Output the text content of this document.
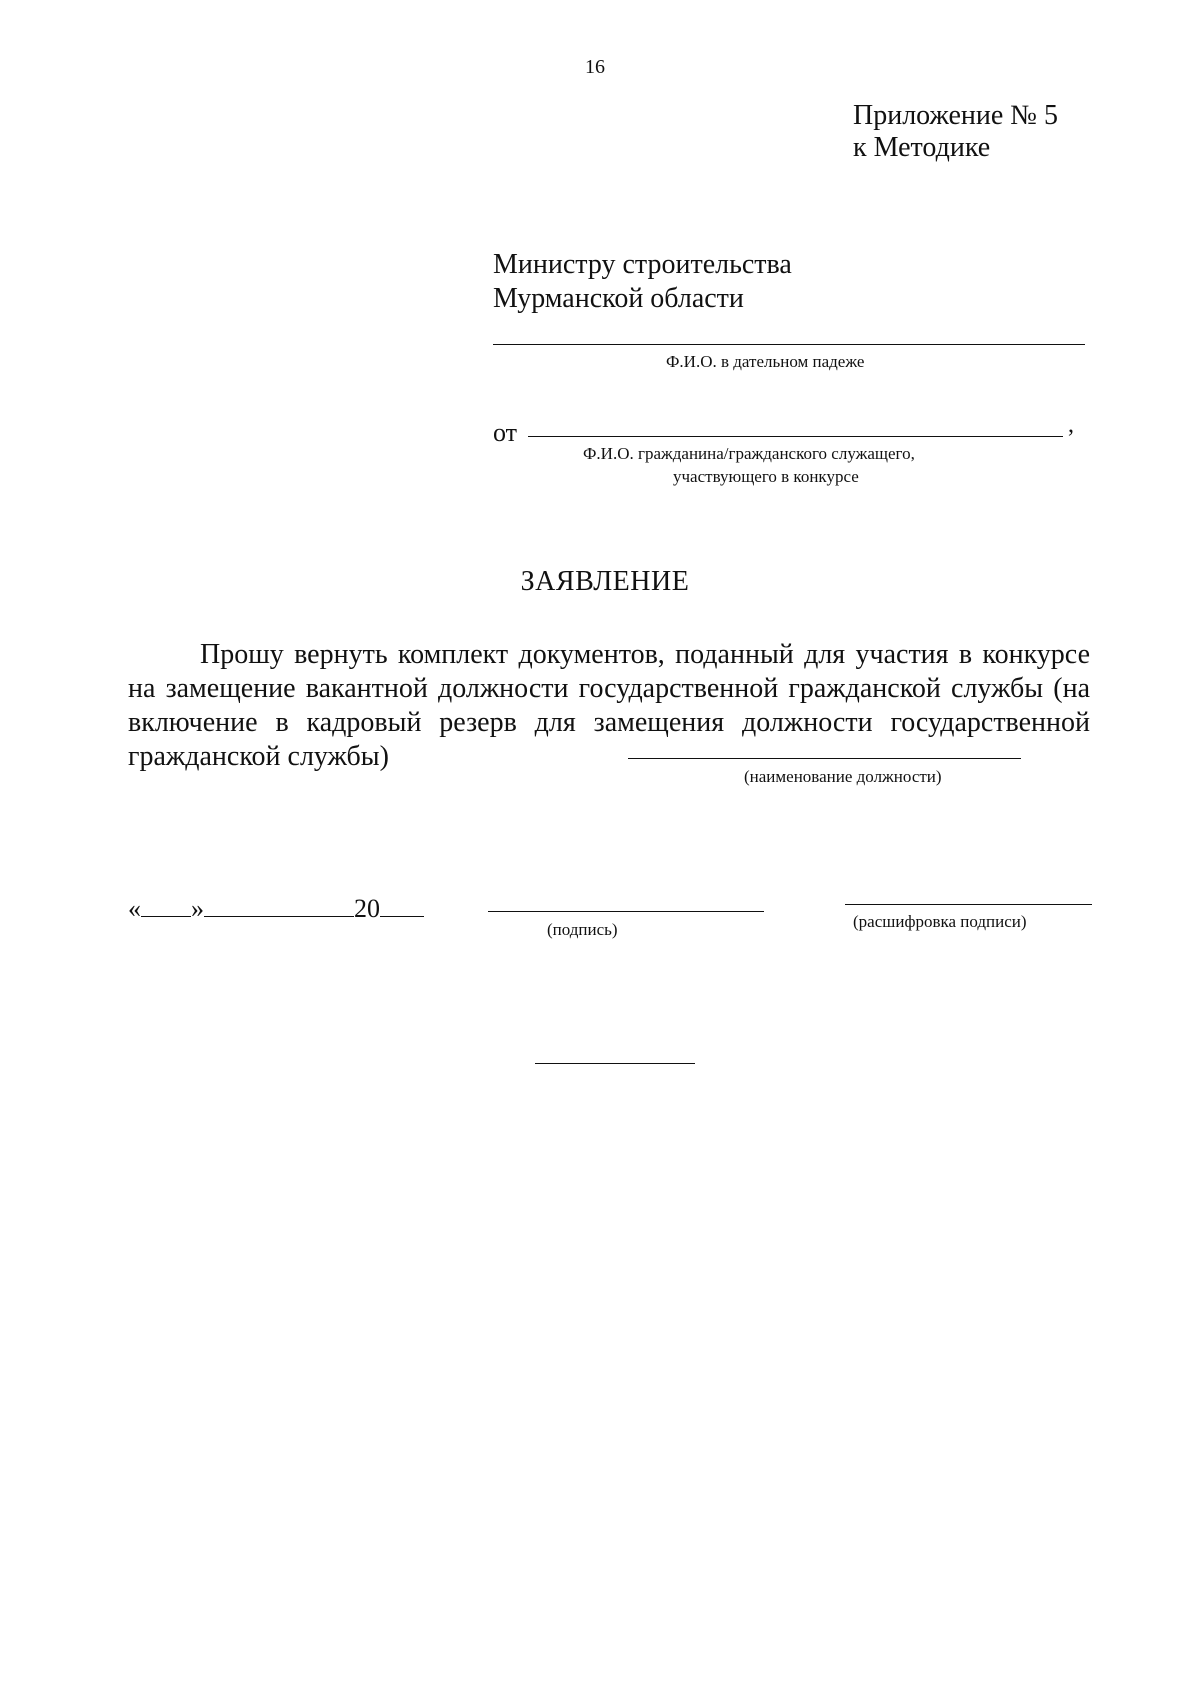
16
Приложение № 5
к Методике
Министру строительства
Мурманской области
Ф.И.О. в дательном падеже
от	,
Ф.И.О. гражданина/гражданского служащего,
участвующего в конкурсе
ЗАЯВЛЕНИЕ
Прошу вернуть комплект документов, поданный для участия в конкурсе на замещение вакантной должности государственной гражданской службы (на включение в кадровый резерв для замещения должности государственной гражданской службы)
(наименование должности)
« »	20
(подпись)	(расшифровка подписи)
